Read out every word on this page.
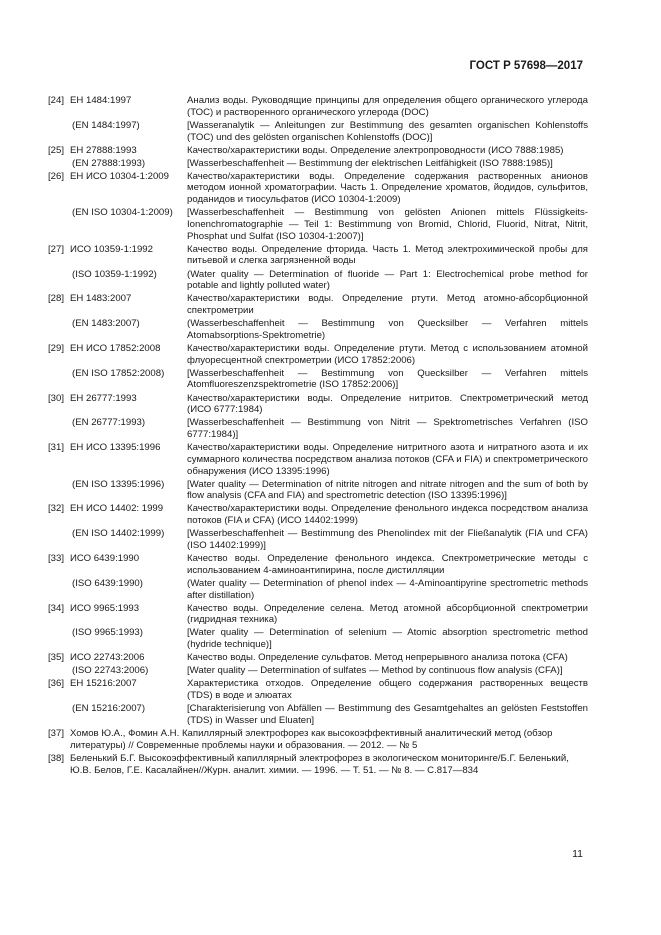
ГОСТ Р 57698—2017
[24] ЕН 1484:1997	Анализ воды. Руководящие принципы для определения общего органического углерода (ТОС) и растворенного органического углерода (DOC)
(EN 1484:1997)	[Wasseranalytik — Anleitungen zur Bestimmung des gesamten organischen Kohlenstoffs (TOC) und des gelösten organischen Kohlenstoffs (DOC)]
[25] ЕН 27888:1993	Качество/характеристики воды. Определение электропроводности (ИСО 7888:1985)
(EN 27888:1993)	[Wasserbeschaffenheit — Bestimmung der elektrischen Leitfähigkeit (ISO 7888:1985)]
[26] ЕН ИСО 10304-1:2009	Качество/характеристики воды. Определение содержания растворенных анионов методом ионной хроматографии. Часть 1. Определение хроматов, йодидов, сульфитов, роданидов и тиосульфатов (ИСО 10304-1:2009)
(EN ISO 10304-1:2009)	[Wasserbeschaffenheit — Bestimmung von gelösten Anionen mittels Flüssigkeits-Ionenchromatographie — Teil 1: Bestimmung von Bromid, Chlorid, Fluorid, Nitrat, Nitrit, Phosphat und Sulfat (ISO 10304-1:2007)]
[27] ИСО 10359-1:1992	Качество воды. Определение фторида. Часть 1. Метод электрохимической пробы для питьевой и слегка загрязненной воды
(ISO 10359-1:1992)	(Water quality — Determination of fluoride — Part 1: Electrochemical probe method for potable and lightly polluted water)
[28] ЕН 1483:2007	Качество/характеристики воды. Определение ртути. Метод атомно-абсорбционной спектрометрии
(EN 1483:2007)	(Wasserbeschaffenheit — Bestimmung von Quecksilber — Verfahren mittels Atomabsorptions-Spektrometrie)
[29] ЕН ИСО 17852:2008	Качество/характеристики воды. Определение ртути. Метод с использованием атомной флуоресцентной спектрометрии (ИСО 17852:2006)
(EN ISO 17852:2008)	[Wasserbeschaffenheit — Bestimmung von Quecksilber — Verfahren mittels Atomfluoreszenzspektrometrie (ISO 17852:2006)]
[30] ЕН 26777:1993	Качество/характеристики воды. Определение нитритов. Спектрометрический метод (ИСО 6777:1984)
(EN 26777:1993)	[Wasserbeschaffenheit — Bestimmung von Nitrit — Spektrometrisches Verfahren (ISO 6777:1984)]
[31] ЕН ИСО 13395:1996	Качество/характеристики воды. Определение нитритного азота и нитратного азота и их суммарного количества посредством анализа потоков (CFA и FIA) и спектрометрического обнаружения (ИСО 13395:1996)
(EN ISO 13395:1996)	[Water quality — Determination of nitrite nitrogen and nitrate nitrogen and the sum of both by flow analysis (CFA and FIA) and spectrometric detection (ISO 13395:1996)]
[32] ЕН ИСО 14402: 1999	Качество/характеристики воды. Определение фенольного индекса посредством анализа потоков (FIA и CFA) (ИСО 14402:1999)
(EN ISO 14402:1999)	[Wasserbeschaffenheit — Bestimmung des Phenolindex mit der Fließanalytik (FIA und CFA) (ISO 14402:1999)]
[33] ИСО 6439:1990	Качество воды. Определение фенольного индекса. Спектрометрические методы с использованием 4-аминоантипирина, после дистилляции
(ISO 6439:1990)	(Water quality — Determination of phenol index — 4-Aminoantipyrine spectrometric methods after distillation)
[34] ИСО 9965:1993	Качество воды. Определение селена. Метод атомной абсорбционной спектрометрии (гидридная техника)
(ISO 9965:1993)	[Water quality — Determination of selenium — Atomic absorption spectrometric method (hydride technique)]
[35] ИСО 22743:2006	Качество воды. Определение сульфатов. Метод непрерывного анализа потока (CFA)
(ISO 22743:2006)	[Water quality — Determination of sulfates — Method by continuous flow analysis (CFA)]
[36] ЕН 15216:2007	Характеристика отходов. Определение общего содержания растворенных веществ (TDS) в воде и элюатах
(EN 15216:2007)	[Charakterisierung von Abfällen — Bestimmung des Gesamtgehaltes an gelösten Feststoffen (TDS) in Wasser und Eluaten]
[37] Хомов Ю.А., Фомин А.Н. Капиллярный электрофорез как высокоэффективный аналитический метод (обзор литературы) // Современные проблемы науки и образования. — 2012. — № 5
[38] Беленький Б.Г. Высокоэффективный капиллярный электрофорез в экологическом мониторинге/Б.Г. Беленький, Ю.В. Белов, Г.Е. Касалайнен//Журн. аналит. химии. — 1996. — Т. 51. — № 8. — С.817—834
11
